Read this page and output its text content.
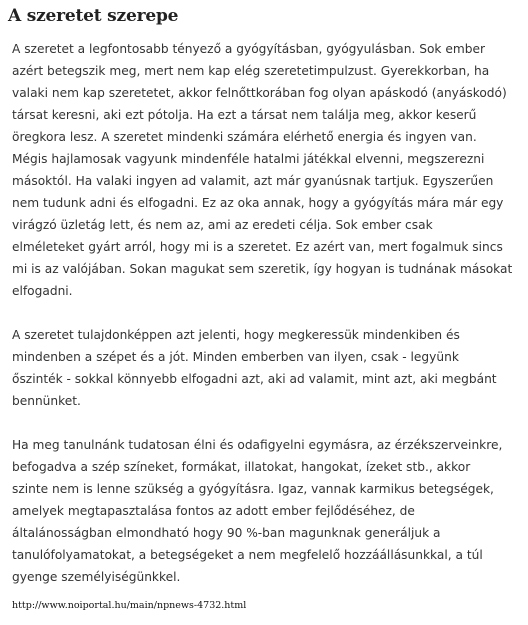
A szeretet szerepe

A szeretet a legfontosabb tényező a gyógyításban, gyógyulásban. Sok ember
azért betegszik meg, mert nem kap elég szeretetimpulzust. Gyerekkorban, ha
valaki nem kap szeretetet, akkor felnőttkorában fog olyan apáskodó (anyáskodó)
társat keresni, aki ezt pótolja. Ha ezt a társat nem találja meg, akkor keserű
öregkora lesz. A szeretet mindenki számára elérhető energia és ingyen van.
Mégis hajlamosak vagyunk mindenféle hatalmi játékkal elvenni, megszerezni
másoktól. Ha valaki ingyen ad valamit, azt már gyanúsnak tartjuk. Egyszerűen
nem tudunk adni és elfogadni. Ez az oka annak, hogy a gyógyítás mára már egy
virágzó üzletág lett, és nem az, ami az eredeti célja. Sok ember csak
elméleteket gyárt arról, hogy mi is a szeretet. Ez azért van, mert fogalmuk sincs
mi is az valójában. Sokan magukat sem szeretik, így hogyan is tudnának másokat
elfogadni.

A szeretet tulajdonképpen azt jelenti, hogy megkeressük mindenkiben és
mindenben a szépet és a jót. Minden emberben van ilyen, csak - legyünk
őszinték - sokkal könnyebb elfogadni azt, aki ad valamit, mint azt, aki megbánt
bennünket.

Ha meg tanulnánk tudatosan élni és odafigyelni egymásra, az érzékszerveinkre,
befogadva a szép színeket, formákat, illatokat, hangokat, ízeket stb., akkor
szinte nem is lenne szükség a gyógyításra. Igaz, vannak karmikus betegségek,
amelyek megtapasztalása fontos az adott ember fejlődéséhez, de
általánosságban elmondható hogy 90 %-ban magunknak generáljuk a
tanulófolyamatokat, a betegségeket a nem megfelelő hozzáállásunkkal, a túl
gyenge személyiségünkkel.

http://www.noiportal.hu/main/npnews-4732.html
